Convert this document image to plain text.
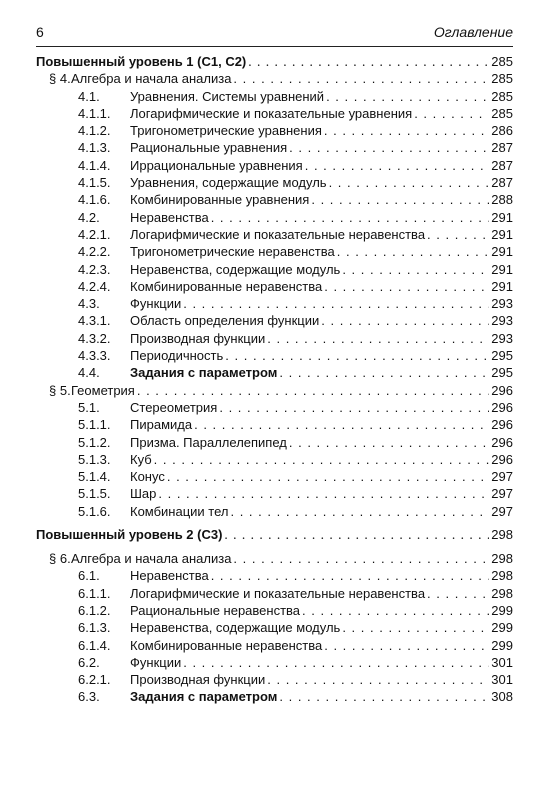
6	Оглавление
Повышенный уровень 1 (С1, С2) . . .	285
§ 4. Алгебра и начала анализа . . .	285
4.1.	Уравнения. Системы уравнений . . .	285
4.1.1.	Логарифмические и показательные уравнения . . .	285
4.1.2.	Тригонометрические уравнения . . .	286
4.1.3.	Рациональные уравнения . . .	287
4.1.4.	Иррациональные уравнения . . .	287
4.1.5.	Уравнения, содержащие модуль . . .	287
4.1.6.	Комбинированные уравнения . . .	288
4.2.	Неравенства . . .	291
4.2.1.	Логарифмические и показательные неравенства . . .	291
4.2.2.	Тригонометрические неравенства . . .	291
4.2.3.	Неравенства, содержащие модуль . . .	291
4.2.4.	Комбинированные неравенства . . .	291
4.3.	Функции . . .	293
4.3.1.	Область определения функции . . .	293
4.3.2.	Производная функции . . .	293
4.3.3.	Периодичность . . .	295
4.4.	Задания с параметром . . .	295
§ 5. Геометрия . . .	296
5.1.	Стереометрия . . .	296
5.1.1.	Пирамида . . .	296
5.1.2.	Призма. Параллелепипед . . .	296
5.1.3.	Куб . . .	296
5.1.4.	Конус . . .	297
5.1.5.	Шар . . .	297
5.1.6.	Комбинации тел . . .	297
Повышенный уровень 2 (С3) . . .	298
§ 6. Алгебра и начала анализа . . .	298
6.1.	Неравенства . . .	298
6.1.1.	Логарифмические и показательные неравенства . . .	298
6.1.2.	Рациональные неравенства . . .	299
6.1.3.	Неравенства, содержащие модуль . . .	299
6.1.4.	Комбинированные неравенства . . .	299
6.2.	Функции . . .	301
6.2.1.	Производная функции . . .	301
6.3.	Задания с параметром . . .	308
